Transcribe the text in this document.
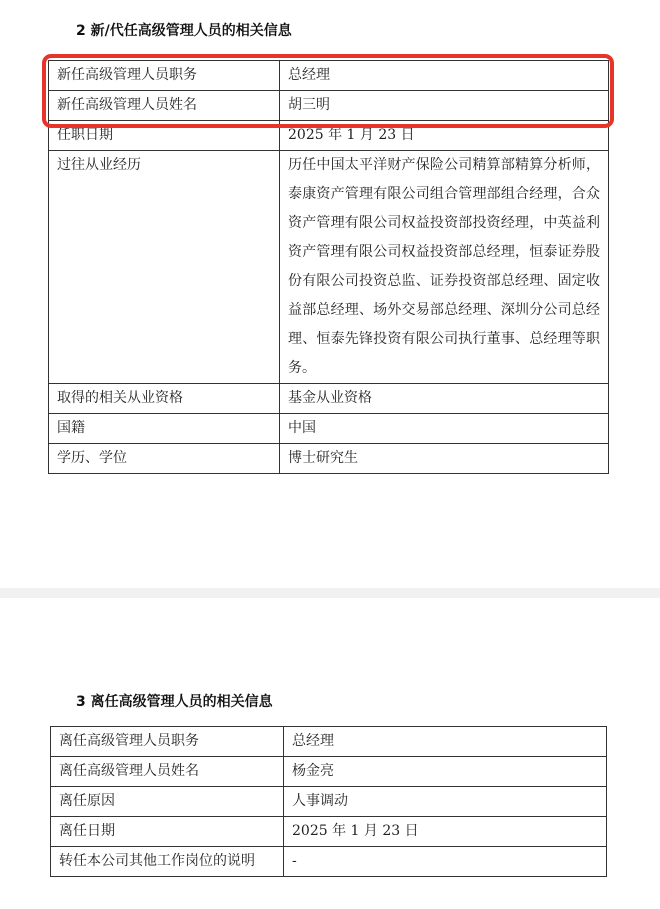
2 新/代任高级管理人员的相关信息
新任高级管理人员职务	总经理
新任高级管理人员姓名	胡三明
任职日期	2025 年 1 月 23 日
过往从业经历	历任中国太平洋财产保险公司精算部精算分析师，泰康资产管理有限公司组合管理部组合经理，合众资产管理有限公司权益投资部投资经理，中英益利资产管理有限公司权益投资部总经理，恒泰证券股份有限公司投资总监、证券投资部总经理、固定收益部总经理、场外交易部总经理、深圳分公司总经理、恒泰先锋投资有限公司执行董事、总经理等职务。
取得的相关从业资格	基金从业资格
国籍	中国
学历、学位	博士研究生
3 离任高级管理人员的相关信息
离任高级管理人员职务	总经理
离任高级管理人员姓名	杨金亮
离任原因	人事调动
离任日期	2025 年 1 月 23 日
转任本公司其他工作岗位的说明	-
